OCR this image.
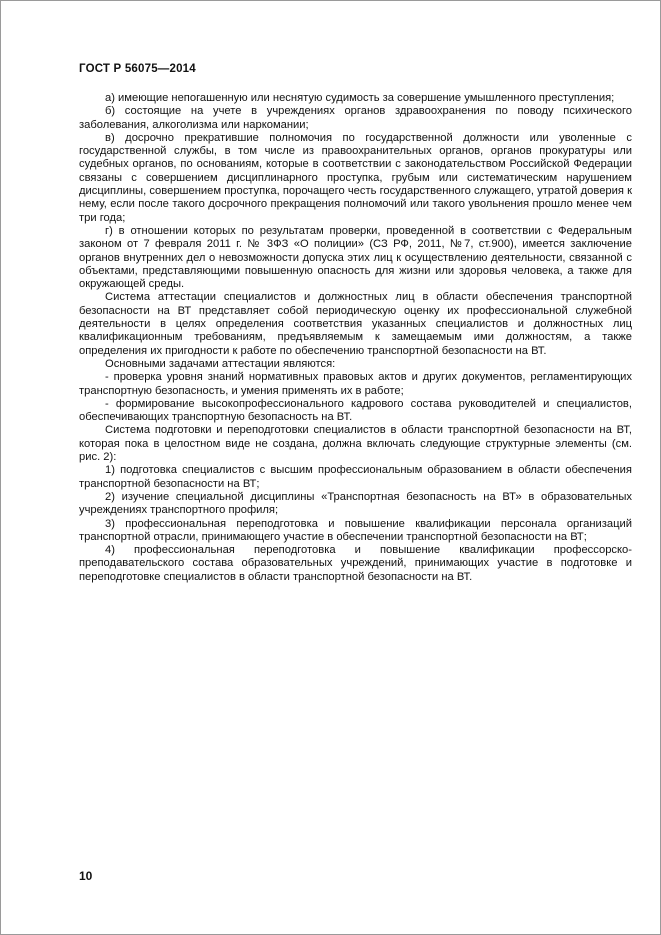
ГОСТ Р 56075—2014

а) имеющие непогашенную или неснятую судимость за совершение умышленного преступления;

б) состоящие на учете в учреждениях органов здравоохранения по поводу психического заболевания, алкоголизма или наркомании;

в) досрочно прекратившие полномочия по государственной должности или уволенные с государственной службы, в том числе из правоохранительных органов, органов прокуратуры или судебных органов, по основаниям, которые в соответствии с законодательством Российской Федерации связаны с совершением дисциплинарного проступка, грубым или систематическим нарушением дисциплины, совершением проступка, порочащего честь государственного служащего, утратой доверия к нему, если после такого досрочного прекращения полномочий или такого увольнения прошло менее чем три года;

г) в отношении которых по результатам проверки, проведенной в соответствии с Федеральным законом от 7 февраля 2011 г. № 3ФЗ «О полиции» (СЗ РФ, 2011, №7, ст.900), имеется заключение органов внутренних дел о невозможности допуска этих лиц к осуществлению деятельности, связанной с объектами, представляющими повышенную опасность для жизни или здоровья человека, а также для окружающей среды.

Система аттестации специалистов и должностных лиц в области обеспечения транспортной безопасности на ВТ представляет собой периодическую оценку их профессиональной служебной деятельности в целях определения соответствия указанных специалистов и должностных лиц квалификационным требованиям, предъявляемым к замещаемым ими должностям, а также определения их пригодности к работе по обеспечению транспортной безопасности на ВТ.

Основными задачами аттестации являются:

- проверка уровня знаний нормативных правовых актов и других документов, регламентирующих транспортную безопасность, и умения применять их в работе;

- формирование высокопрофессионального кадрового состава руководителей и специалистов, обеспечивающих транспортную безопасность на ВТ.

Система подготовки и переподготовки специалистов в области транспортной безопасности на ВТ, которая пока в целостном виде не создана, должна включать следующие структурные элементы (см. рис. 2):

1) подготовка специалистов с высшим профессиональным образованием в области обеспечения транспортной безопасности на ВТ;

2) изучение специальной дисциплины «Транспортная безопасность на ВТ» в образовательных учреждениях транспортного профиля;

3) профессиональная переподготовка и повышение квалификации персонала организаций транспортной отрасли, принимающего участие в обеспечении транспортной безопасности на ВТ;

4) профессиональная переподготовка и повышение квалификации профессорско-преподавательского состава образовательных учреждений, принимающих участие в подготовке и переподготовке специалистов в области транспортной безопасности на ВТ.

10
